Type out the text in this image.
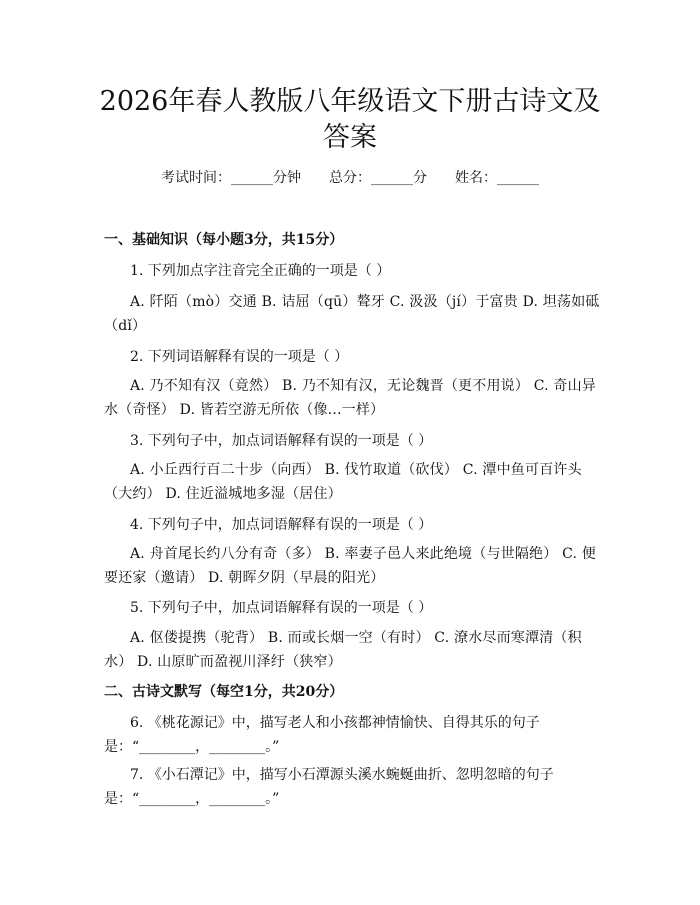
2026年春人教版八年级语文下册古诗文及答案
考试时间：______分钟 总分：______分 姓名：______
一、基础知识（每小题3分，共15分）
1. 下列加点字注音完全正确的一项是（ ）
A. 阡陌（mò）交通 B. 诘屈（qū）聱牙 C. 汲汲（jí）于富贵 D. 坦荡如砥（dǐ）
2. 下列词语解释有误的一项是（ ）
A. 乃不知有汉（竟然） B. 乃不知有汉，无论魏晋（更不用说） C. 奇山异水（奇怪） D. 皆若空游无所依（像...一样）
3. 下列句子中，加点词语解释有误的一项是（ ）
A. 小丘西行百二十步（向西） B. 伐竹取道（砍伐） C. 潭中鱼可百许头（大约） D. 住近溢城地多湿（居住）
4. 下列句子中，加点词语解释有误的一项是（ ）
A. 舟首尾长约八分有奇（多） B. 率妻子邑人来此绝境（与世隔绝） C. 便要还家（邀请） D. 朝晖夕阴（早晨的阳光）
5. 下列句子中，加点词语解释有误的一项是（ ）
A. 伛偻提携（驼背） B. 而或长烟一空（有时） C. 潦水尽而寒潭清（积水） D. 山原旷而盈视川泽纡（狭窄）
二、古诗文默写（每空1分，共20分）
6. 《桃花源记》中，描写老人和小孩都神情愉快、自得其乐的句子是：“________，________。”
7. 《小石潭记》中，描写小石潭源头溪水蜿蜒曲折、忽明忽暗的句子是：“________，________。”
